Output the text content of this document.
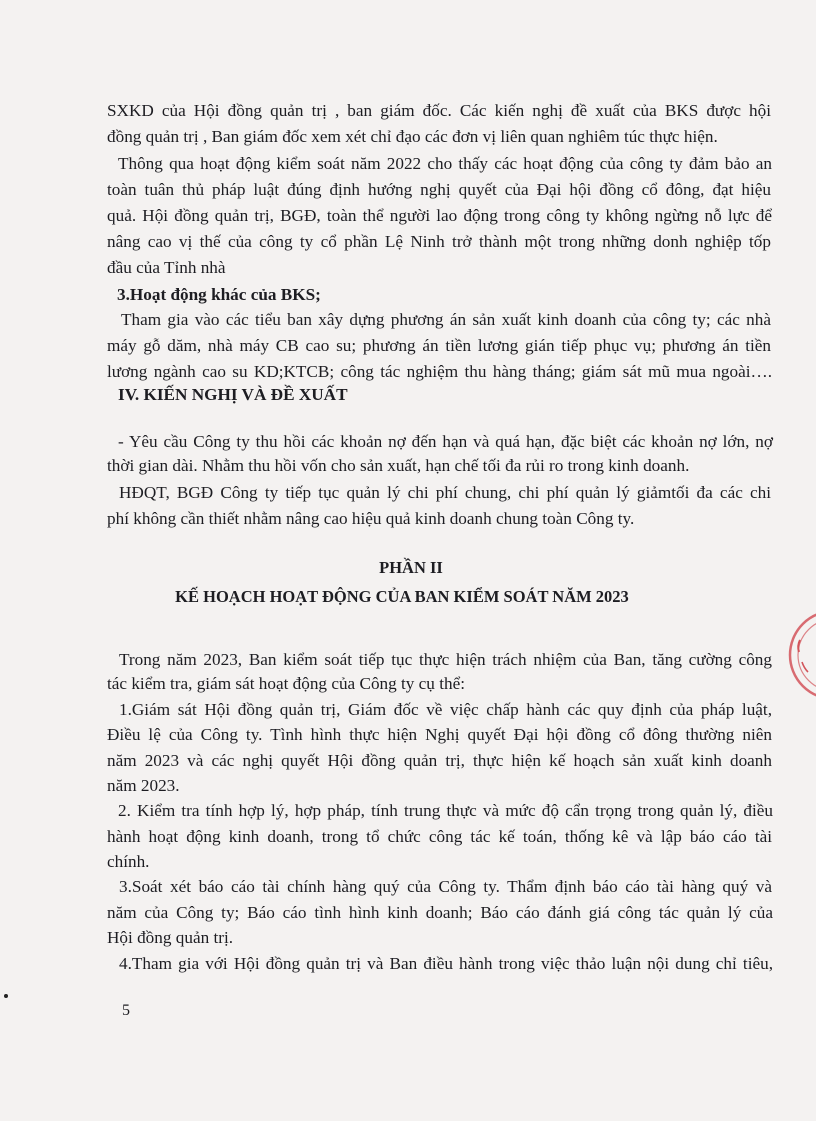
SXKD của Hội đồng quản trị , ban giám đốc. Các kiến nghị đề xuất của BKS được hội
đồng quản trị , Ban giám đốc xem xét chỉ đạo các đơn vị liên quan nghiêm túc thực hiện.
Thông qua hoạt động kiểm soát năm 2022 cho thấy các hoạt động của công ty đảm bảo an
toàn tuân thủ pháp luật đúng định hướng nghị quyết của Đại hội đồng cổ đông, đạt hiệu
quả. Hội đồng quản trị, BGĐ, toàn thể người lao động trong công ty không ngừng nỗ lực để
nâng cao vị thế của công ty cổ phần Lệ Ninh trở thành một trong những donh nghiệp tốp
đầu của Tỉnh nhà
3.Hoạt động khác của BKS;
Tham gia vào các tiểu ban xây dựng phương án sản xuất kinh doanh của công ty; các nhà
máy gỗ dăm, nhà máy CB cao su; phương án tiền lương gián tiếp phục vụ; phương án tiền
lương ngành cao su KD;KTCB; công tác nghiệm thu hàng tháng; giám sát mũ mua ngoài….
IV. KIẾN NGHỊ VÀ ĐỀ XUẤT
- Yêu cầu Công ty thu hồi các khoản nợ đến hạn và quá hạn, đặc biệt các khoản nợ lớn, nợ
thời gian dài. Nhằm thu hồi vốn cho sản xuất, hạn chế tối đa rủi ro trong kinh doanh.
HĐQT, BGĐ Công ty tiếp tục quản lý chi phí chung, chi phí quản lý giảmtối đa các chi
phí không cần thiết nhằm nâng cao hiệu quả kinh doanh chung toàn Công ty.
PHẦN II
KẾ HOẠCH HOẠT ĐỘNG CỦA BAN KIỂM SOÁT NĂM 2023
Trong năm 2023, Ban kiểm soát tiếp tục thực hiện trách nhiệm của Ban, tăng cường công
tác kiểm tra, giám sát hoạt động của Công ty cụ thể:
1.Giám sát Hội đồng quản trị, Giám đốc về việc chấp hành các quy định của pháp luật,
Điều lệ của Công ty. Tình hình thực hiện Nghị quyết Đại hội đồng cổ đông thường niên
năm 2023 và các nghị quyết Hội đồng quản trị, thực hiện kế hoạch sản xuất kinh doanh
năm 2023.
2. Kiểm tra tính hợp lý, hợp pháp, tính trung thực và mức độ cẩn trọng trong quản lý, điều
hành hoạt động kinh doanh, trong tổ chức công tác kế toán, thống kê và lập báo cáo tài
chính.
3.Soát xét báo cáo tài chính hàng quý của Công ty. Thẩm định báo cáo tài hàng quý và
năm của Công ty; Báo cáo tình hình kinh doanh; Báo cáo đánh giá công tác quản lý của
Hội đồng quản trị.
4.Tham gia với Hội đồng quản trị và Ban điều hành trong việc thảo luận nội dung chỉ tiêu,
5
